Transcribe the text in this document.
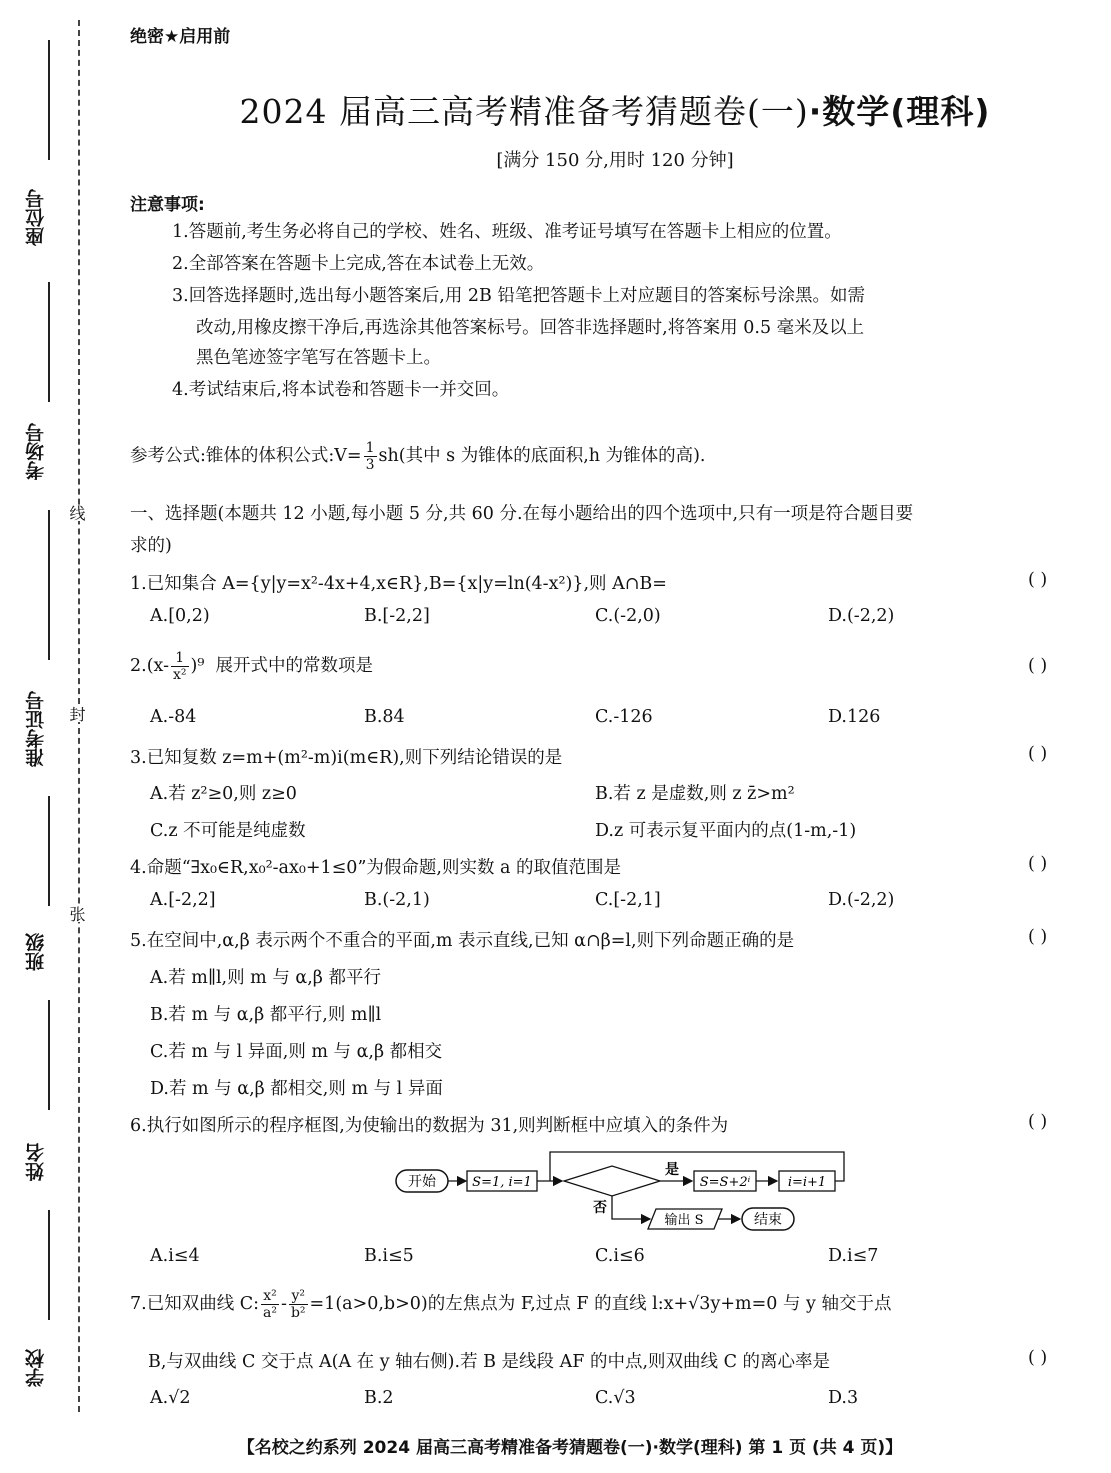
座位号
考场号
准考证号
班级
姓名
学校
线
封
张
绝密★启用前
2024 届高三高考精准备考猜题卷(一)·数学(理科)
[满分 150 分,用时 120 分钟]
注意事项:
1.答题前,考生务必将自己的学校、姓名、班级、准考证号填写在答题卡上相应的位置。
2.全部答案在答题卡上完成,答在本试卷上无效。
3.回答选择题时,选出每小题答案后,用 2B 铅笔把答题卡上对应题目的答案标号涂黑。如需
改动,用橡皮擦干净后,再选涂其他答案标号。回答非选择题时,将答案用 0.5 毫米及以上
黑色笔迹签字笔写在答题卡上。
4.考试结束后,将本试卷和答题卡一并交回。
参考公式:锥体的体积公式:V= $\frac{1}{3} sh$(其中 s 为锥体的底面积,h 为锥体的高).
一、选择题(本题共 12 小题,每小题 5 分,共 60 分.在每小题给出的四个选项中,只有一项是符合题目要
求的)
1.已知集合 A={y|y=x²-4x+4,x∈R},B={x|y=ln(4-x²)},则 A∩B=	( )
A.[0,2)	B.[-2,2]	C.(-2,0)	D.(-2,2)
$2.(x- \frac{1}{\text{x²}} )^9$ 展开式中的常数项是	( )
A.-84	B.84	C.-126	D.126
3.已知复数 z=m+(m²-m)i(m∈R),则下列结论错误的是	( )
A.若 z²≥0,则 z≥0	B.若 z 是虚数,则 z z̄>m²
C.z 不可能是纯虚数	D.z 可表示复平面内的点(1-m,-1)
4.命题“∃x₀∈R,x₀²-ax₀+1≤0”为假命题,则实数 a 的取值范围是	( )
A.[-2,2]	B.(-2,1)	C.[-2,1]	D.(-2,2)
5.在空间中,α,β 表示两个不重合的平面,m 表示直线,已知 α∩β=l,则下列命题正确的是	( )
A.若 m∥l,则 m 与 α,β 都平行
B.若 m 与 α,β 都平行,则 m∥l
C.若 m 与 l 异面,则 m 与 α,β 都相交
D.若 m 与 α,β 都相交,则 m 与 l 异面
6.执行如图所示的程序框图,为使输出的数据为 31,则判断框中应填入的条件为	( )
开始	S=1, i=1
是
S=S+2ⁱ	i=i+1
否
输出 S	结束
A.i≤4	B.i≤5	C.i≤6	D.i≤7
7.已知双曲线 C: $\frac{\text{x²}}{\text{a²}} - \frac{\text{y²}}{\text{b²}} =1(a>0,b>0)$的左焦点为 F,过点 F 的直线 l:x+√3y+m=0 与 y 轴交于点
B,与双曲线 C 交于点 A(A 在 y 轴右侧).若 B 是线段 AF 的中点,则双曲线 C 的离心率是	( )
A.√2	B.2	C.√3	D.3
【名校之约系列 2024 届高三高考精准备考猜题卷(一)·数学(理科) 第 1 页 (共 4 页)】
